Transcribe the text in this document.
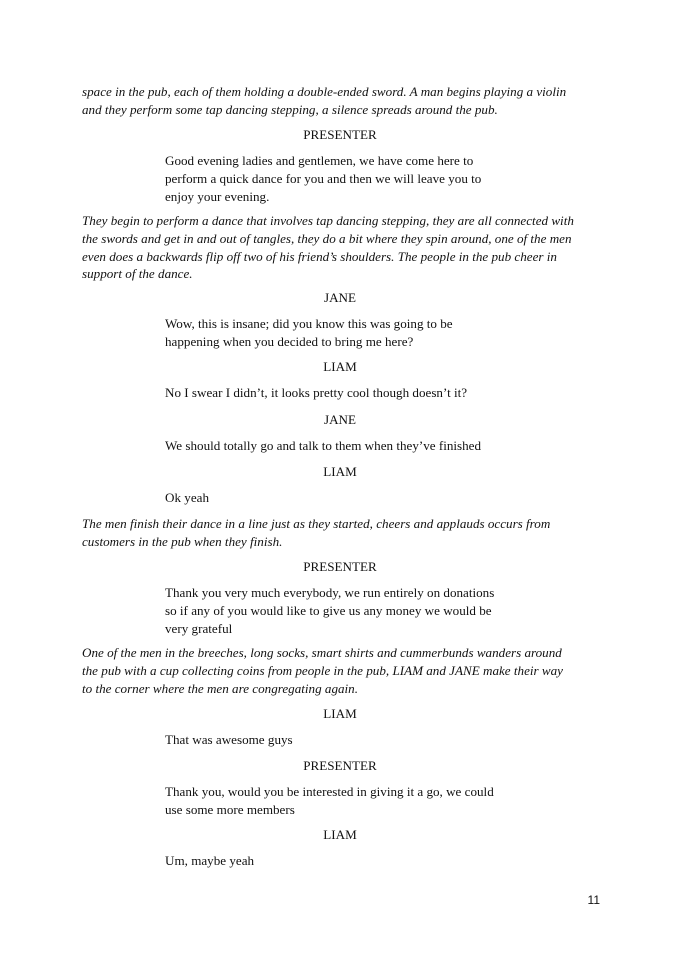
space in the pub, each of them holding a double-ended sword. A man begins playing a violin
and they perform some tap dancing stepping, a silence spreads around the pub.
PRESENTER
Good evening ladies and gentlemen, we have come here to
perform a quick dance for you and then we will leave you to
enjoy your evening.
They begin to perform a dance that involves tap dancing stepping, they are all connected with
the swords and get in and out of tangles, they do a bit where they spin around, one of the men
even does a backwards flip off two of his friend’s shoulders. The people in the pub cheer in
support of the dance.
JANE
Wow, this is insane; did you know this was going to be
happening when you decided to bring me here?
LIAM
No I swear I didn’t, it looks pretty cool though doesn’t it?
JANE
We should totally go and talk to them when they’ve finished
LIAM
Ok yeah
The men finish their dance in a line just as they started, cheers and applauds occurs from
customers in the pub when they finish.
PRESENTER
Thank you very much everybody, we run entirely on donations
so if any of you would like to give us any money we would be
very grateful
One of the men in the breeches, long socks, smart shirts and cummerbunds wanders around
the pub with a cup collecting coins from people in the pub, LIAM and JANE make their way
to the corner where the men are congregating again.
LIAM
That was awesome guys
PRESENTER
Thank you, would you be interested in giving it a go, we could
use some more members
LIAM
Um, maybe yeah
11
